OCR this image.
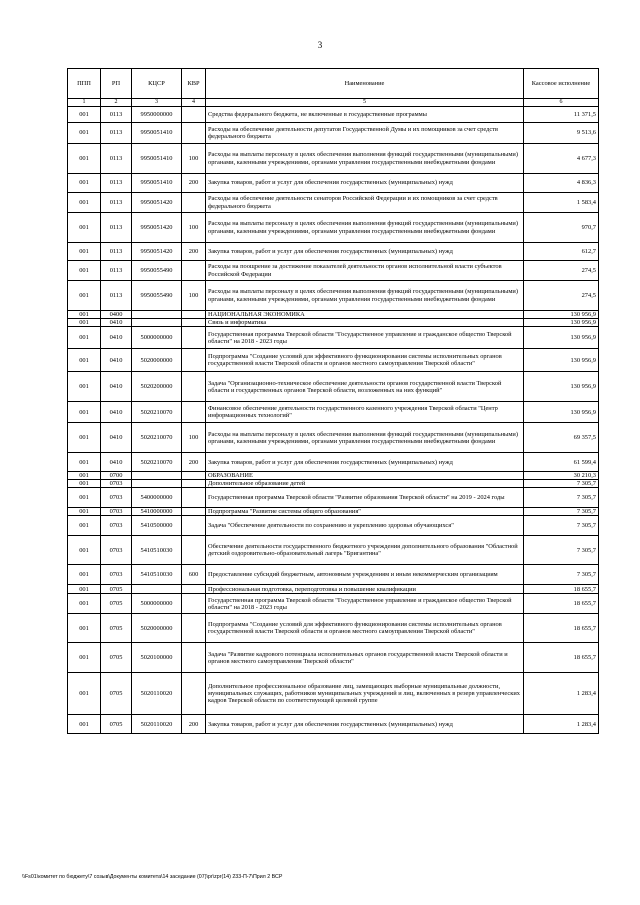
3
ППП	РП	КЦСР	КВР	Наименование	Кассовое исполнение
1	2	3	4	5	6
001	0113	9950000000		Средства федерального бюджета, не включенные в государственные программы	11 371,5
001	0113	9950051410		Расходы на обеспечение деятельности депутатов Государственной Думы и их помощников за счет средств федерального бюджета	9 513,6
001	0113	9950051410	100	Расходы на выплаты персоналу в целях обеспечения выполнения функций государственными (муниципальными) органами, казенными учреждениями, органами управления государственными внебюджетными фондами	4 677,3
001	0113	9950051410	200	Закупка товаров, работ и услуг для обеспечения государственных (муниципальных) нужд	4 836,3
001	0113	9950051420		Расходы на обеспечение деятельности сенаторов Российской Федерации и их помощников за счет средств федерального бюджета	1 583,4
001	0113	9950051420	100	Расходы на выплаты персоналу в целях обеспечения выполнения функций государственными (муниципальными) органами, казенными учреждениями, органами управления государственными внебюджетными фондами	970,7
001	0113	9950051420	200	Закупка товаров, работ и услуг для обеспечения государственных (муниципальных) нужд	612,7
001	0113	9950055490		Расходы на поощрение за достижение показателей деятельности органов исполнительной власти субъектов Российской Федерации	274,5
001	0113	9950055490	100	Расходы на выплаты персоналу в целях обеспечения выполнения функций государственными (муниципальными) органами, казенными учреждениями, органами управления государственными внебюджетными фондами	274,5
001	0400			НАЦИОНАЛЬНАЯ ЭКОНОМИКА	130 956,9
001	0410			Связь и информатика	130 956,9
001	0410	5000000000		Государственная программа Тверской области "Государственное управление и гражданское общество Тверской области" на 2018 - 2023 годы	130 956,9
001	0410	5020000000		Подпрограмма "Создание условий для эффективного функционирования системы исполнительных органов государственной власти Тверской области и органов местного самоуправления Тверской области"	130 956,9
001	0410	5020200000		Задача "Организационно-техническое обеспечение деятельности органов государственной власти Тверской области и государственных органов Тверской области, возложенных на них функций"	130 956,9
001	0410	5020210070		Финансовое обеспечение деятельности государственного казенного учреждения Тверской области "Центр информационных технологий"	130 956,9
001	0410	5020210070	100	Расходы на выплаты персоналу в целях обеспечения выполнения функций государственными (муниципальными) органами, казенными учреждениями, органами управления государственными внебюджетными фондами	69 357,5
001	0410	5020210070	200	Закупка товаров, работ и услуг для обеспечения государственных (муниципальных) нужд	61 599,4
001	0700			ОБРАЗОВАНИЕ	30 210,3
001	0703			Дополнительное образование детей	7 305,7
001	0703	5400000000		Государственная программа Тверской области "Развитие образования Тверской области" на 2019 - 2024 годы	7 305,7
001	0703	5410000000		Подпрограмма "Развитие системы общего образования"	7 305,7
001	0703	5410500000		Задача "Обеспечение деятельности по сохранению и укреплению здоровья обучающихся"	7 305,7
001	0703	5410510030		Обеспечение деятельности государственного бюджетного учреждения дополнительного образования "Областной детский оздоровительно-образовательный лагерь "Бригантина"	7 305,7
001	0703	5410510030	600	Предоставление субсидий бюджетным, автономным учреждениям и иным некоммерческим организациям	7 305,7
001	0705			Профессиональная подготовка, переподготовка и повышение квалификации	18 655,7
001	0705	5000000000		Государственная программа Тверской области "Государственное управление и гражданское общество Тверской области" на 2018 - 2023 годы	18 655,7
001	0705	5020000000		Подпрограмма "Создание условий для эффективного функционирования системы исполнительных органов государственной власти Тверской области и органов местного самоуправления Тверской области"	18 655,7
001	0705	5020100000		Задача "Развитие кадрового потенциала исполнительных органов государственной власти Тверской области и органов местного самоуправления Тверской области"	18 655,7
001	0705	5020110020		Дополнительное профессиональное образование лиц, замещающих выборные муниципальные должности, муниципальных служащих, работников муниципальных учреждений и лиц, включенных в резерв управленческих кадров Тверской области по соответствующей целевой группе	1 283,4
001	0705	5020110020	200	Закупка товаров, работ и услуг для обеспечения государственных (муниципальных) нужд	1 283,4
\\Fs01\комитет по бюджету\7 созыв\Документы комитета\14 заседание (07)\pr\zpr(14) 233-П-7\Прил 2 ВСР
